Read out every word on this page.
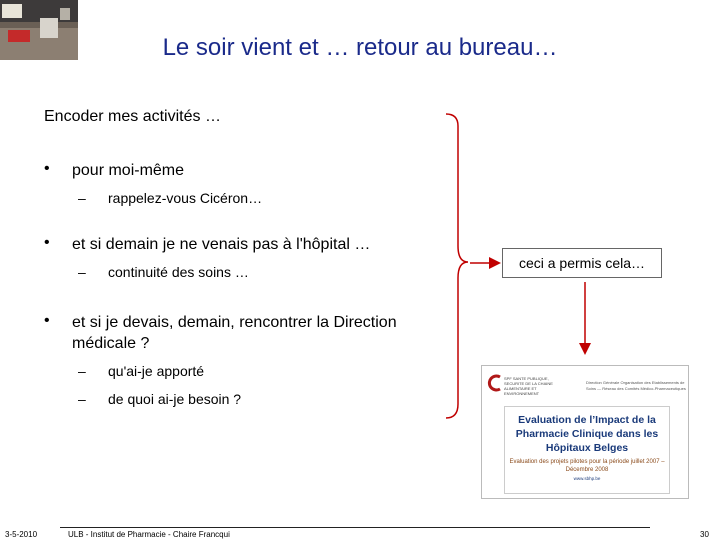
Le soir vient et … retour au bureau…
Encoder mes activités …
•	pour moi-même
–	rappelez-vous Cicéron…
•	et si demain je ne venais pas à l'hôpital …
–	continuité des soins …
•	et si je devais, demain, rencontrer la Direction médicale ?
–	qu'ai-je apporté
–	de quoi ai-je besoin ?
ceci a permis cela…
SPF SANTE PUBLIQUE, SECURITE DE LA CHAINE ALIMENTAIRE ET ENVIRONNEMENT
Direction Générale Organisation des Etablissements de Soins — Réseau des Comités Médico-Pharmaceutiques
Evaluation de l’Impact de la Pharmacie Clinique dans les Hôpitaux Belges
Evaluation des projets pilotes pour la période juillet 2007 – Décembre 2008
www.sbhp.be
3-5-2010	ULB - Institut de Pharmacie - Chaire Francqui	30
